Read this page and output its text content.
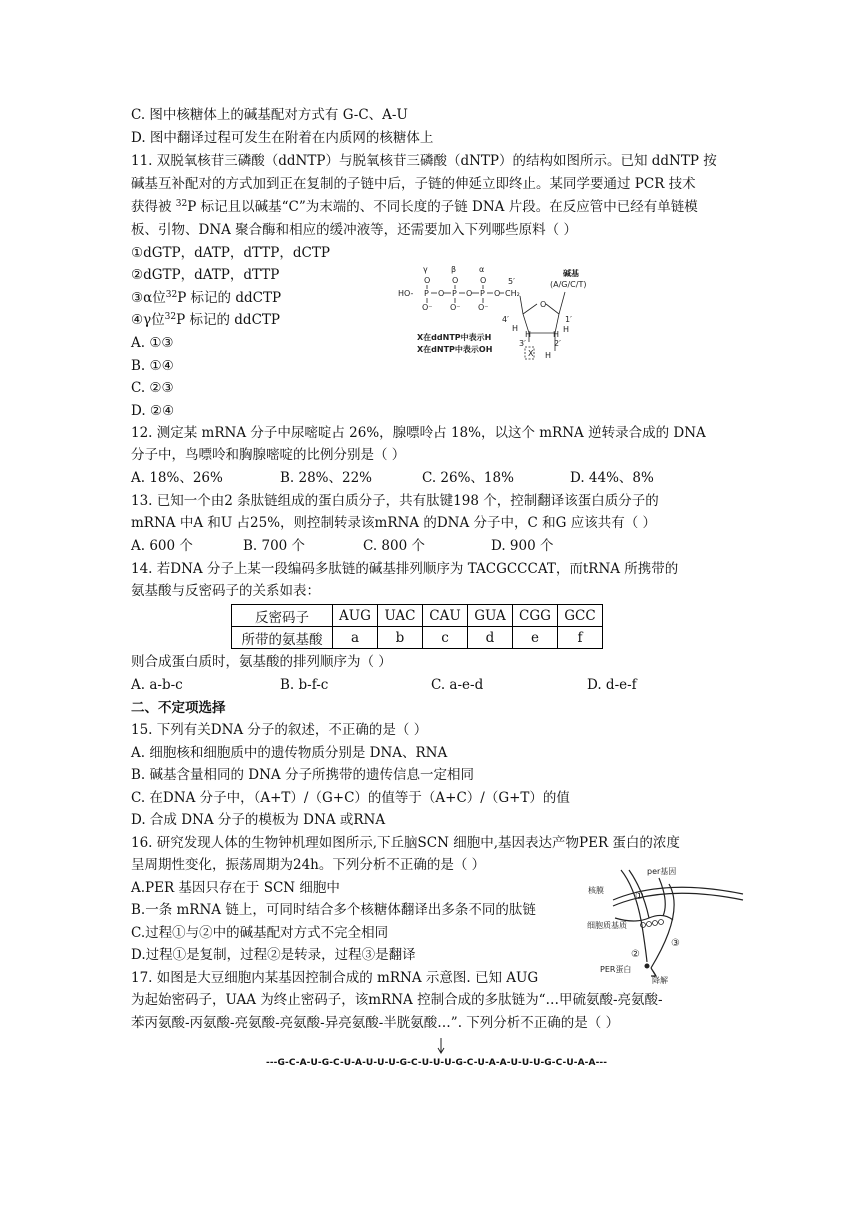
C. 图中核糖体上的碱基配对方式有 G-C、A-U
D. 图中翻译过程可发生在附着在内质网的核糖体上
11. 双脱氧核苷三磷酸（ddNTP）与脱氧核苷三磷酸（dNTP）的结构如图所示。已知 ddNTP 按
碱基互补配对的方式加到正在复制的子链中后，子链的伸延立即终止。某同学要通过 PCR 技术
获得被 $^{32}$P 标记且以碱基“C”为末端的、不同长度的子链 DNA 片段。在反应管中已经有单链模
板、引物、DNA 聚合酶和相应的缓冲液等，还需要加入下列哪些原料（ ）
①dGTP，dATP，dTTP，dCTP
②dGTP，dATP，dTTP
③α位$^{32}$P 标记的 ddCTP
④γ位$^{32}$P 标记的 ddCTP
A. ①③
B. ①④
C. ②③
D. ②④
γ	β	α
O	O	O
HO- P O P O P O
O⁻ O⁻ O⁻
5′
CH₂
碱基
(A/G/C/T)
O
4′
H
1′
H
H	H
3′	2′
H
X
X在ddNTP中表示H
X在dNTP中表示OH
12. 测定某 mRNA 分子中尿嘧啶占 26%，腺嘌呤占 18%，以这个 mRNA 逆转录合成的 DNA
分子中，鸟嘌呤和胸腺嘧啶的比例分别是（ ）
A. 18%、26%	B. 28%、22%	C. 26%、18%	D. 44%、8%
13. 已知一个由2 条肽链组成的蛋白质分子，共有肽键198 个，控制翻译该蛋白质分子的
mRNA 中A 和U 占25%，则控制转录该mRNA 的DNA 分子中，C 和G 应该共有（ ）
A. 600 个	B. 700 个	C. 800 个	D. 900 个
14. 若DNA 分子上某一段编码多肽链的碱基排列顺序为 TACGCCCAT，而tRNA 所携带的
氨基酸与反密码子的关系如表：
反密码子	AUG	UAC	CAU	GUA	CGG	GCC
所带的氨基酸	a	b	c	d	e	f
则合成蛋白质时，氨基酸的排列顺序为（ ）
A. a-b-c	B. b-f-c	C. a-e-d	D. d-e-f
二、不定项选择
15. 下列有关DNA 分子的叙述，不正确的是（ ）
A. 细胞核和细胞质中的遗传物质分别是 DNA、RNA
B. 碱基含量相同的 DNA 分子所携带的遗传信息一定相同
C. 在DNA 分子中，（A+T）/（G+C）的值等于（A+C）/（G+T）的值
D. 合成 DNA 分子的模板为 DNA 或RNA
16. 研究发现人体的生物钟机理如图所示,下丘脑SCN 细胞中,基因表达产物PER 蛋白的浓度
呈周期性变化，振荡周期为24h。下列分析不正确的是（ ）
A.PER 基因只存在于 SCN 细胞中
B.一条 mRNA 链上，可同时结合多个核糖体翻译出多条不同的肽链
C.过程①与②中的碱基配对方式不完全相同
D.过程①是复制，过程②是转录，过程③是翻译
per基因
核膜
细胞质基质
①
②
③
PER蛋白
降解
17. 如图是大豆细胞内某基因控制合成的 mRNA 示意图. 已知 AUG
为起始密码子，UAA 为终止密码子，该mRNA 控制合成的多肽链为“…甲硫氨酸-亮氨酸-
苯丙氨酸-丙氨酸-亮氨酸-亮氨酸-异亮氨酸-半胱氨酸…”. 下列分析不正确的是（ ）
---G-C-A-U-G-C-U-A-U-U-U-G-C-U-U-U-G-C-U-A-A-U-U-U-G-C-U-A-A---
